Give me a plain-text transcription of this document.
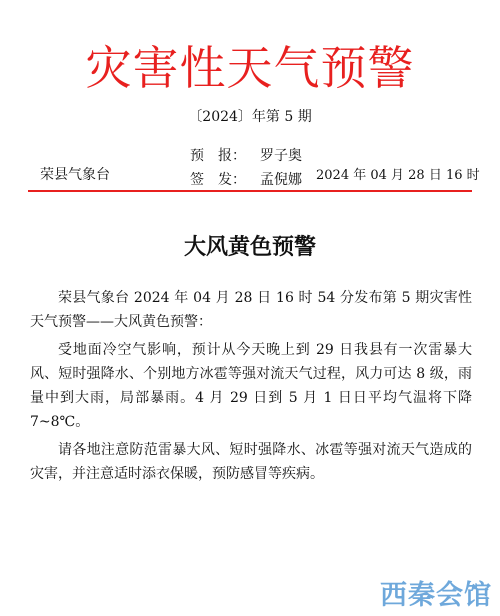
灾害性天气预警
〔2024〕年第 5 期
预　报： 罗子奥
荣县气象台	签　发： 孟倪娜 2024 年 04 月 28 日 16 时
大风黄色预警

荣县气象台 2024 年 04 月 28 日 16 时 54 分发布第 5 期灾害性天气预警——大风黄色预警：

受地面冷空气影响，预计从今天晚上到 29 日我县有一次雷暴大风、短时强降水、个别地方冰雹等强对流天气过程，风力可达 8 级，雨量中到大雨，局部暴雨。4 月 29 日到 5 月 1 日日平均气温将下降 7~8℃。

请各地注意防范雷暴大风、短时强降水、冰雹等强对流天气造成的灾害，并注意适时添衣保暖，预防感冒等疾病。

西秦会馆
